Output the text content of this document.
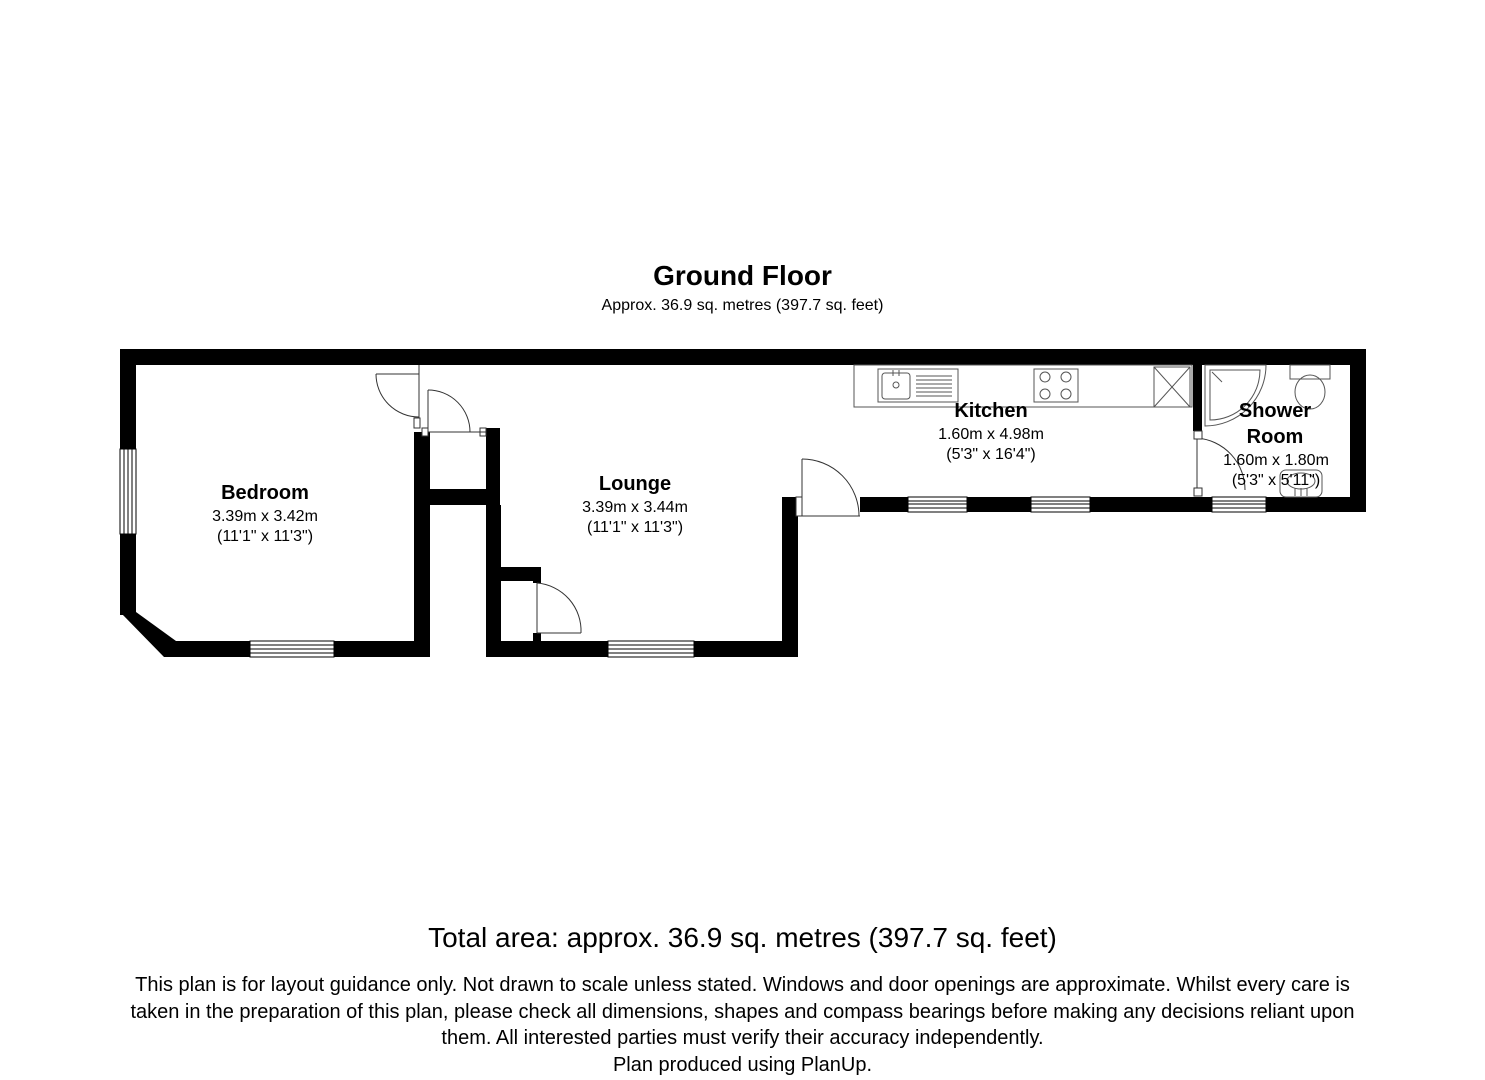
Ground Floor
Approx. 36.9 sq. metres (397.7 sq. feet)
Bedroom
3.39m x 3.42m
(11'1" x 11'3")
Lounge
3.39m x 3.44m
(11'1" x 11'3")
Kitchen
1.60m x 4.98m
(5'3" x 16'4")
Shower
Room
1.60m x 1.80m
(5'3" x 5'11")
Total area: approx. 36.9 sq. metres (397.7 sq. feet)
This plan is for layout guidance only. Not drawn to scale unless stated. Windows and door openings are approximate. Whilst every care is
taken in the preparation of this plan, please check all dimensions, shapes and compass bearings before making any decisions reliant upon
them. All interested parties must verify their accuracy independently.
Plan produced using PlanUp.
